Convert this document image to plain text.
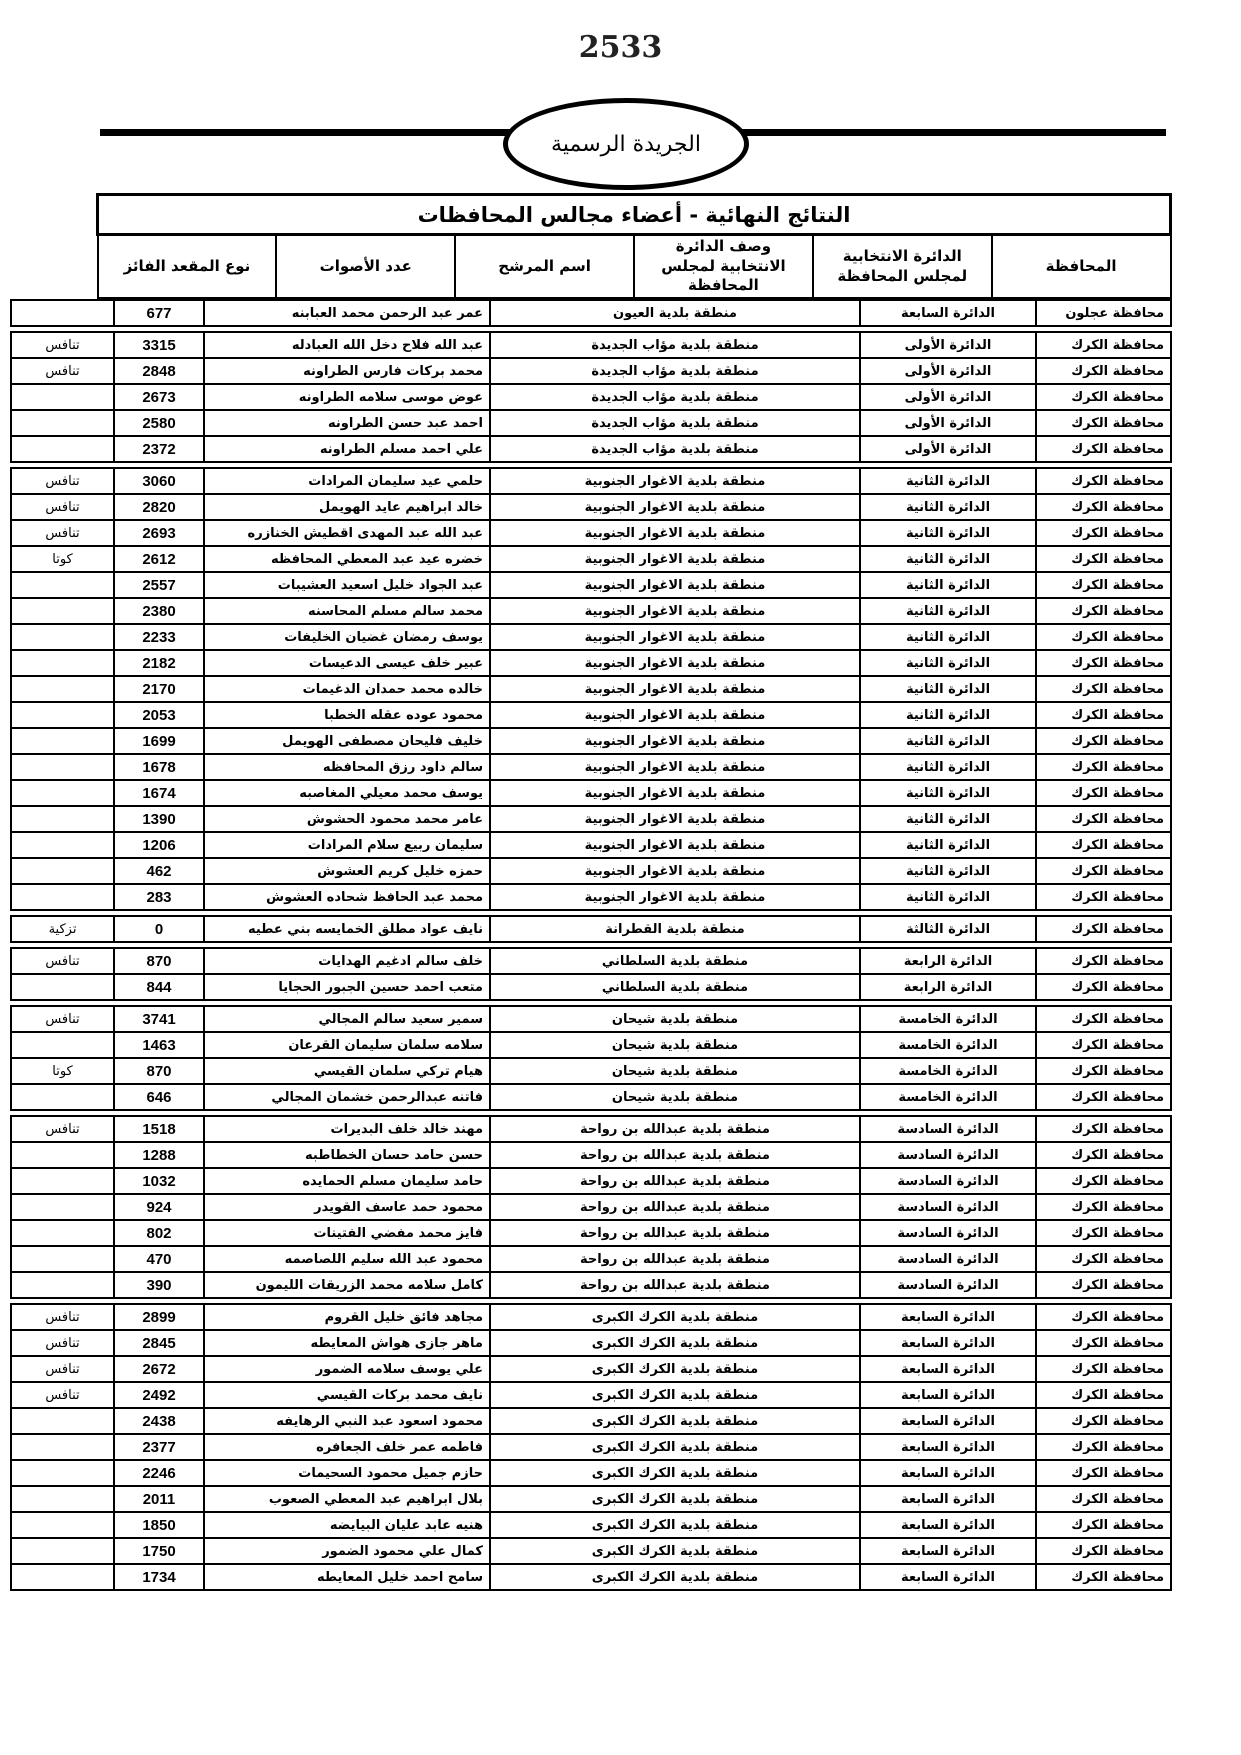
2533
الجريدة الرسمية
النتائج النهائية - أعضاء مجالس المحافظات
المحافظة	الدائرة الانتخابية لمجلس المحافظة	وصف الدائرة الانتخابية لمجلس المحافظة	اسم المرشح	عدد الأصوات	نوع المقعد الفائز
محافظة عجلون	الدائرة السابعة	منطقة بلدية العيون	عمر عبد الرحمن محمد العبابنه	677	
محافظة الكرك	الدائرة الأولى	منطقة بلدية مؤاب الجديدة	عبد الله فلاح دخل الله العبادله	3315	تنافس
محافظة الكرك	الدائرة الأولى	منطقة بلدية مؤاب الجديدة	محمد بركات فارس الطراونه	2848	تنافس
محافظة الكرك	الدائرة الأولى	منطقة بلدية مؤاب الجديدة	عوض موسى سلامه الطراونه	2673	
محافظة الكرك	الدائرة الأولى	منطقة بلدية مؤاب الجديدة	احمد عبد حسن الطراونه	2580	
محافظة الكرك	الدائرة الأولى	منطقة بلدية مؤاب الجديدة	علي احمد مسلم الطراونه	2372	
محافظة الكرك	الدائرة الثانية	منطقة بلدية الاغوار الجنوبية	حلمي عيد سليمان المرادات	3060	تنافس
محافظة الكرك	الدائرة الثانية	منطقة بلدية الاغوار الجنوبية	خالد ابراهيم عايد الهويمل	2820	تنافس
محافظة الكرك	الدائرة الثانية	منطقة بلدية الاغوار الجنوبية	عبد الله عبد المهدى اقطيش الخنازره	2693	تنافس
محافظة الكرك	الدائرة الثانية	منطقة بلدية الاغوار الجنوبية	خضره عيد عبد المعطي المحافظه	2612	كوتا
محافظة الكرك	الدائرة الثانية	منطقة بلدية الاغوار الجنوبية	عبد الجواد خليل اسعيد العشيبات	2557	
محافظة الكرك	الدائرة الثانية	منطقة بلدية الاغوار الجنوبية	محمد سالم مسلم المحاسنه	2380	
محافظة الكرك	الدائرة الثانية	منطقة بلدية الاغوار الجنوبية	يوسف رمضان غضيان الخليفات	2233	
محافظة الكرك	الدائرة الثانية	منطقة بلدية الاغوار الجنوبية	عبير خلف عيسى الدعيسات	2182	
محافظة الكرك	الدائرة الثانية	منطقة بلدية الاغوار الجنوبية	خالده محمد حمدان الدغيمات	2170	
محافظة الكرك	الدائرة الثانية	منطقة بلدية الاغوار الجنوبية	محمود عوده عقله الخطبا	2053	
محافظة الكرك	الدائرة الثانية	منطقة بلدية الاغوار الجنوبية	خليف فليحان مصطفى الهويمل	1699	
محافظة الكرك	الدائرة الثانية	منطقة بلدية الاغوار الجنوبية	سالم داود رزق المحافظه	1678	
محافظة الكرك	الدائرة الثانية	منطقة بلدية الاغوار الجنوبية	يوسف محمد معيلي المغاصبه	1674	
محافظة الكرك	الدائرة الثانية	منطقة بلدية الاغوار الجنوبية	عامر محمد محمود الحشوش	1390	
محافظة الكرك	الدائرة الثانية	منطقة بلدية الاغوار الجنوبية	سليمان ربيع سلام المرادات	1206	
محافظة الكرك	الدائرة الثانية	منطقة بلدية الاغوار الجنوبية	حمزه خليل كريم العشوش	462	
محافظة الكرك	الدائرة الثانية	منطقة بلدية الاغوار الجنوبية	محمد عبد الحافظ شحاده العشوش	283	
محافظة الكرك	الدائرة الثالثة	منطقة بلدية القطرانة	نايف عواد مطلق الخمايسه بني عطيه	0	تزكية
محافظة الكرك	الدائرة الرابعة	منطقة بلدية السلطاني	خلف سالم ادغيم الهدايات	870	تنافس
محافظة الكرك	الدائرة الرابعة	منطقة بلدية السلطاني	متعب احمد حسين الجبور الحجايا	844	
محافظة الكرك	الدائرة الخامسة	منطقة بلدية شيحان	سمير سعيد سالم المجالي	3741	تنافس
محافظة الكرك	الدائرة الخامسة	منطقة بلدية شيحان	سلامه سلمان سليمان القرعان	1463	
محافظة الكرك	الدائرة الخامسة	منطقة بلدية شيحان	هيام تركي سلمان القيسي	870	كوتا
محافظة الكرك	الدائرة الخامسة	منطقة بلدية شيحان	فاتنه عبدالرحمن خشمان المجالي	646	
محافظة الكرك	الدائرة السادسة	منطقة بلدية عبدالله بن رواحة	مهند خالد خلف البديرات	1518	تنافس
محافظة الكرك	الدائرة السادسة	منطقة بلدية عبدالله بن رواحة	حسن حامد حسان الخطاطبه	1288	
محافظة الكرك	الدائرة السادسة	منطقة بلدية عبدالله بن رواحة	حامد سليمان مسلم الحمايده	1032	
محافظة الكرك	الدائرة السادسة	منطقة بلدية عبدالله بن رواحة	محمود حمد عاسف القويدر	924	
محافظة الكرك	الدائرة السادسة	منطقة بلدية عبدالله بن رواحة	فايز محمد مفضي الفتينات	802	
محافظة الكرك	الدائرة السادسة	منطقة بلدية عبدالله بن رواحة	محمود عبد الله سليم اللصاصمه	470	
محافظة الكرك	الدائرة السادسة	منطقة بلدية عبدالله بن رواحة	كامل سلامه محمد الزريقات الليمون	390	
محافظة الكرك	الدائرة السابعة	منطقة بلدية الكرك الكبرى	مجاهد فائق خليل القروم	2899	تنافس
محافظة الكرك	الدائرة السابعة	منطقة بلدية الكرك الكبرى	ماهر جازى هواش المعايطه	2845	تنافس
محافظة الكرك	الدائرة السابعة	منطقة بلدية الكرك الكبرى	علي يوسف سلامه الضمور	2672	تنافس
محافظة الكرك	الدائرة السابعة	منطقة بلدية الكرك الكبرى	نايف محمد بركات القيسي	2492	تنافس
محافظة الكرك	الدائرة السابعة	منطقة بلدية الكرك الكبرى	محمود اسعود عبد النبي الرهايفه	2438	
محافظة الكرك	الدائرة السابعة	منطقة بلدية الكرك الكبرى	فاطمه عمر خلف الجعافره	2377	
محافظة الكرك	الدائرة السابعة	منطقة بلدية الكرك الكبرى	حازم جميل محمود السحيمات	2246	
محافظة الكرك	الدائرة السابعة	منطقة بلدية الكرك الكبرى	بلال ابراهيم عبد المعطي الصعوب	2011	
محافظة الكرك	الدائرة السابعة	منطقة بلدية الكرك الكبرى	هنيه عابد عليان البيايضه	1850	
محافظة الكرك	الدائرة السابعة	منطقة بلدية الكرك الكبرى	كمال علي محمود الضمور	1750	
محافظة الكرك	الدائرة السابعة	منطقة بلدية الكرك الكبرى	سامح احمد خليل المعايطه	1734	
